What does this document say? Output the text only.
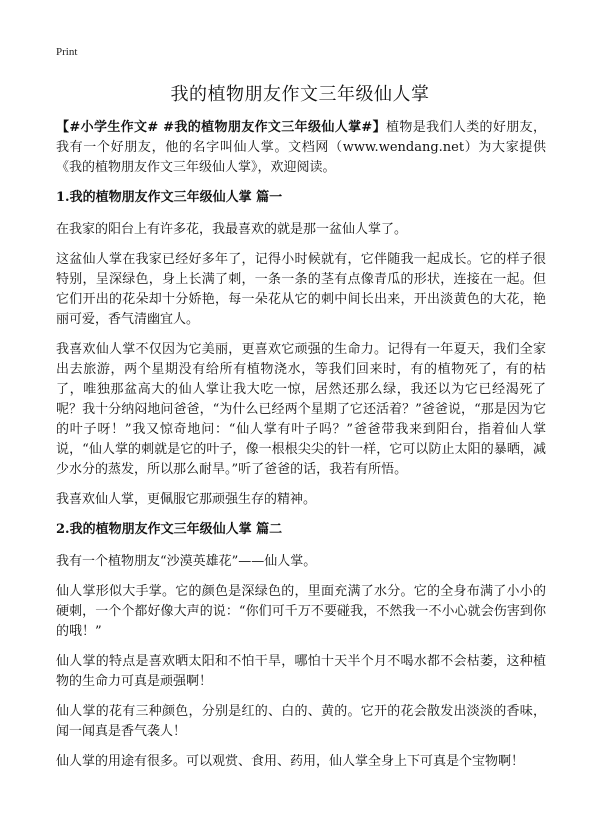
Print
我的植物朋友作文三年级仙人掌

【#小学生作文# #我的植物朋友作文三年级仙人掌#】植物是我们人类的好朋友，我有一个好朋友，他的名字叫仙人掌。文档网（www.wendang.net）为大家提供《我的植物朋友作文三年级仙人掌》，欢迎阅读。

1.我的植物朋友作文三年级仙人掌 篇一

在我家的阳台上有许多花，我最喜欢的就是那一盆仙人掌了。

这盆仙人掌在我家已经好多年了，记得小时候就有，它伴随我一起成长。它的样子很特别，呈深绿色，身上长满了刺，一条一条的茎有点像青瓜的形状，连接在一起。但它们开出的花朵却十分娇艳，每一朵花从它的刺中间长出来，开出淡黄色的大花，艳丽可爱，香气清幽宜人。

我喜欢仙人掌不仅因为它美丽，更喜欢它顽强的生命力。记得有一年夏天，我们全家出去旅游，两个星期没有给所有植物浇水，等我们回来时，有的植物死了，有的枯了，唯独那盆高大的仙人掌让我大吃一惊，居然还那么绿，我还以为它已经渴死了呢？我十分纳闷地问爸爸，“为什么已经两个星期了它还活着？”爸爸说，“那是因为它的叶子呀！”我又惊奇地问：“仙人掌有叶子吗？”爸爸带我来到阳台，指着仙人掌说，“仙人掌的刺就是它的叶子，像一根根尖尖的针一样，它可以防止太阳的暴晒，减少水分的蒸发，所以那么耐旱。”听了爸爸的话，我若有所悟。

我喜欢仙人掌，更佩服它那顽强生存的精神。

2.我的植物朋友作文三年级仙人掌 篇二

我有一个植物朋友“沙漠英雄花”——仙人掌。

仙人掌形似大手掌。它的颜色是深绿色的，里面充满了水分。它的全身布满了小小的硬刺，一个个都好像大声的说：“你们可千万不要碰我，不然我一不小心就会伤害到你的哦！”

仙人掌的特点是喜欢晒太阳和不怕干旱，哪怕十天半个月不喝水都不会枯萎，这种植物的生命力可真是顽强啊！

仙人掌的花有三种颜色，分别是红的、白的、黄的。它开的花会散发出淡淡的香味，闻一闻真是香气袭人！

仙人掌的用途有很多。可以观赏、食用、药用，仙人掌全身上下可真是个宝物啊！
